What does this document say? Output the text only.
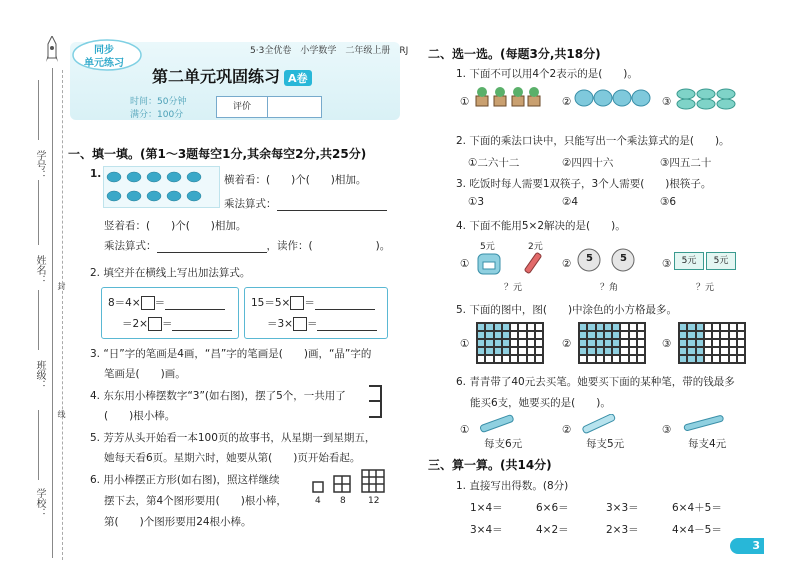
学号：
姓名：
班级：
学校：
封
线
同步
单元练习
5·3全优卷　小学数学　二年级上册　RJ
第二单元巩固练习 A卷
时间：50分钟
满分：100分
评价
一、填一填。(第1～3题每空1分,其余每空2分,共25分)
1.	横着看：(　　)个(　　)相加。
乘法算式：
竖着看：(　　)个(　　)相加。
乘法算式：	，读作：(　　　　　　)。
2. 填空并在横线上写出加法算式。
8＝4× ＝
＝2× ＝
15＝5× ＝
＝3× ＝
3. “日”字的笔画是4画，“昌”字的笔画是(　　)画，“晶”字的
笔画是(　　)画。
4. 东东用小棒摆数字“3”(如右图)，摆了5个，一共用了
(　　)根小棒。
5. 芳芳从头开始看一本100页的故事书，从星期一到星期五，
她每天看6页。星期六时，她要从第(　　)页开始看起。
6. 用小棒摆正方形(如右图)，照这样继续
摆下去，第4个图形要用(　　)根小棒，
第(　　)个图形要用24根小棒。
4 8 12
二、选一选。(每题3分,共18分)
1. 下面不可以用4个2表示的是(　　)。
①	②	③
2. 下面的乘法口诀中，只能写出一个乘法算式的是(　　)。
①二六十二	②四四十六	③四五二十
3. 吃饭时每人需要1双筷子，3个人需要(　　)根筷子。
①3	②4	③6
4. 下面不能用5×2解决的是(　　)。
5元	2元
①	② 5	5	③	5元	5元
？元	？角	？元
5. 下面的图中，图(　　)中涂色的小方格最多。
①	②	③
6. 青青带了40元去买笔。她要买下面的某种笔，带的钱最多
能买6支，她要买的是(　　)。
①
每支6元
②
每支5元
③
每支4元
三、算一算。(共14分)
1. 直接写出得数。(8分)
1×4＝	6×6＝	3×3＝	6×4＋5＝
3×4＝	4×2＝	2×3＝	4×4－5＝
3
